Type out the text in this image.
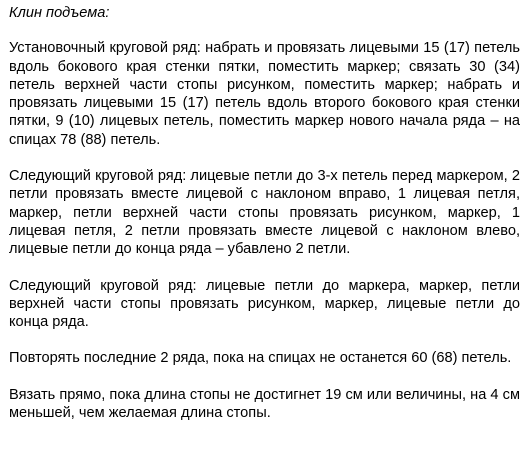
Клин подъема:

Установочный круговой ряд: набрать и провязать лицевыми 15 (17) петель вдоль бокового края стенки пятки, поместить маркер; связать 30 (34) петель верхней части стопы рисунком, поместить маркер; набрать и провязать лицевыми 15 (17) петель вдоль второго бокового края стенки пятки, 9 (10) лицевых петель, поместить маркер нового начала ряда – на спицах 78 (88) петель.

Следующий круговой ряд: лицевые петли до 3-х петель перед маркером, 2 петли провязать вместе лицевой с наклоном вправо, 1 лицевая петля, маркер, петли верхней части стопы провязать рисунком, маркер, 1 лицевая петля, 2 петли провязать вместе лицевой с наклоном влево, лицевые петли до конца ряда – убавлено 2 петли.

Следующий круговой ряд: лицевые петли до маркера, маркер, петли верхней части стопы провязать рисунком, маркер, лицевые петли до конца ряда.

Повторять последние 2 ряда, пока на спицах не останется 60 (68) петель.

Вязать прямо, пока длина стопы не достигнет 19 см или величины, на 4 см меньшей, чем желаемая длина стопы.
